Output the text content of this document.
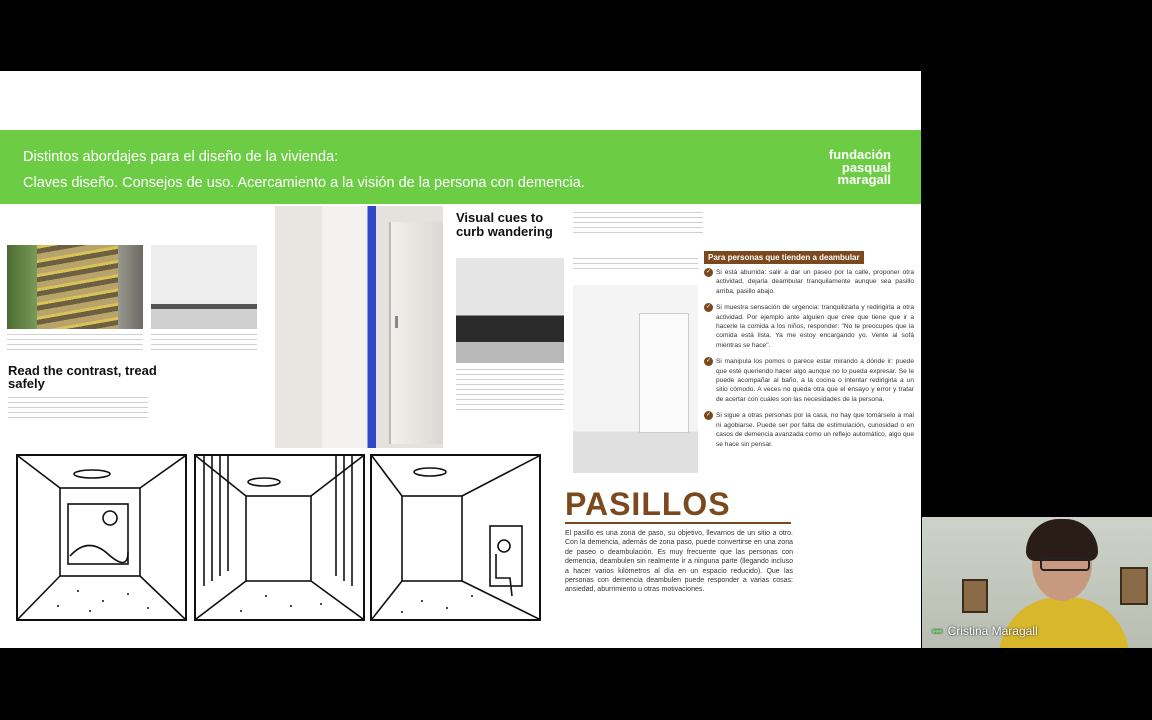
Distintos abordajes para el diseño de la vivienda:
Claves diseño. Consejos de uso. Acercamiento a la visión de la persona con demencia.
fundación
pasqual
maragall
Read the contrast, tread safely
Visual cues to curb wandering
Para personas que tienden a deambular
✓ Si está aburrida: salir a dar un paseo por la calle, proponer otra actividad, dejarla deambular tranquilamente aunque sea pasillo arriba, pasillo abajo.
✓ Si muestra sensación de urgencia: tranquilizarla y redirigirla a otra actividad. Por ejemplo ante alguien que cree que tiene que ir a hacerle la comida a los niños, responder: "No te preocupes que la comida está lista. Ya me estoy encargando yo. Vente al sofá mientras se hace".
✓ Si manipula los pomos o parece estar mirando a dónde ir: puede que esté queriendo hacer algo aunque no lo pueda expresar. Se le puede acompañar al baño, a la cocina o intentar redirigirla a un sitio cómodo. A veces no queda otra que el ensayo y error y tratar de acertar con cuáles son las necesidades de la persona.
✓ Si sigue a otras personas por la casa, no hay que tomárselo a mal ni agobiarse. Puede ser por falta de estimulación, curiosidad o en casos de demencia avanzada como un reflejo automático, algo que se hace sin pensar.
PASILLOS
El pasillo es una zona de paso, su objetivo, llevarnos de un sitio a otro. Con la demencia, además de zona paso, puede convertirse en una zona de paseo o deambulación. Es muy frecuente que las personas con demencia, deambulen sin realmente ir a ninguna parte (llegando incluso a hacer varios kilómetros al día en un espacio reducido). Que las personas con demencia deambulen puede responder a varias cosas: ansiedad, aburrimiento u otras motivaciones.
••• Cristina Maragall
